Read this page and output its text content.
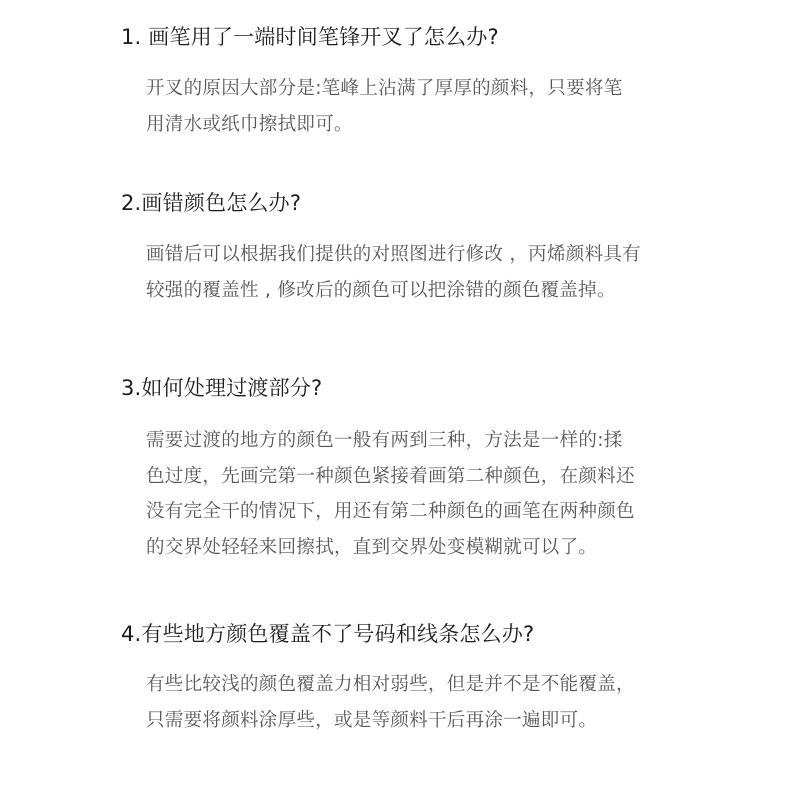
1. 画笔用了一端时间笔锋开叉了怎么办?

开叉的原因大部分是:笔峰上沾满了厚厚的颜料，只要将笔
用清水或纸巾擦拭即可。

2.画错颜色怎么办?

画错后可以根据我们提供的对照图进行修改 ，丙烯颜料具有
较强的覆盖性 , 修改后的颜色可以把涂错的颜色覆盖掉。

3.如何处理过渡部分?

需要过渡的地方的颜色一般有两到三种，方法是一样的:揉
色过度，先画完第一种颜色紧接着画第二种颜色，在颜料还
没有完全干的情况下，用还有第二种颜色的画笔在两种颜色
的交界处轻轻来回擦拭，直到交界处变模糊就可以了。

4.有些地方颜色覆盖不了号码和线条怎么办?

有些比较浅的颜色覆盖力相对弱些，但是并不是不能覆盖，
只需要将颜料涂厚些，或是等颜料干后再涂一遍即可。
